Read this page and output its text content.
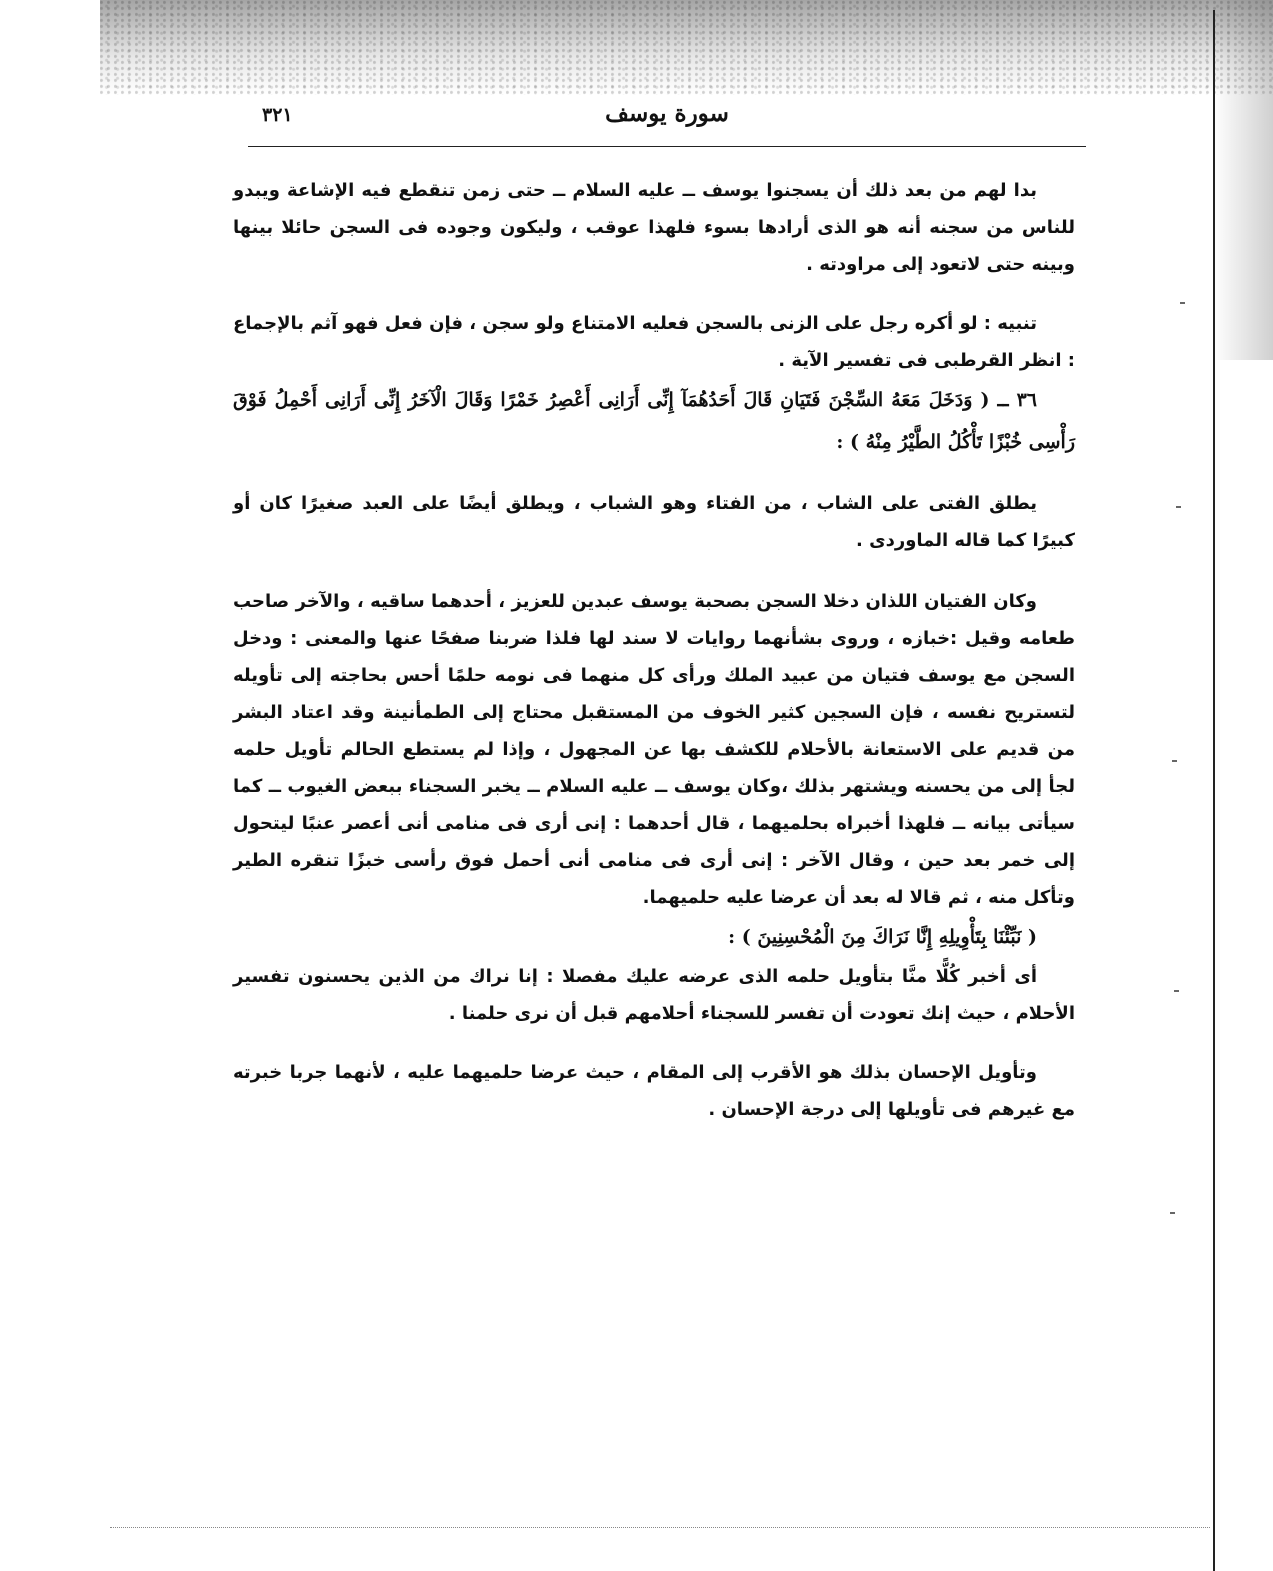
٣٢١	سورة يوسف

بدا لهم من بعد ذلك أن يسجنوا يوسف ــ عليه السلام ــ حتى زمن تنقطع فيه الإشاعة ويبدو للناس من سجنه أنه هو الذى أرادها بسوء فلهذا عوقب ، وليكون وجوده فى السجن حائلا بينها وبينه حتى لاتعود إلى مراودته .

تنبيه : لو أكره رجل على الزنى بالسجن فعليه الامتناع ولو سجن ، فإن فعل فهو آثم بالإجماع : انظر القرطبى فى تفسير الآية .

٣٦ ــ ( وَدَخَلَ مَعَهُ السِّجْنَ فَتَيَانِ قَالَ أَحَدُهُمَآ إِنِّى أَرَانِى أَعْصِرُ خَمْرًا وَقَالَ الْآخَرُ إِنِّى أَرَانِى أَحْمِلُ فَوْقَ رَأْسِى خُبْزًا تَأْكُلُ الطَّيْرُ مِنْهُ ) :

يطلق الفتى على الشاب ، من الفتاء وهو الشباب ، ويطلق أيضًا على العبد صغيرًا كان أو كبيرًا كما قاله الماوردى .

وكان الفتيان اللذان دخلا السجن بصحبة يوسف عبدين للعزيز ، أحدهما ساقيه ، والآخر صاحب طعامه وقيل :خبازه ، وروى بشأنهما روايات لا سند لها فلذا ضربنا صفحًا عنها والمعنى : ودخل السجن مع يوسف فتيان من عبيد الملك ورأى كل منهما فى نومه حلمًا أحس بحاجته إلى تأويله لتستريح نفسه ، فإن السجين كثير الخوف من المستقبل محتاج إلى الطمأنينة وقد اعتاد البشر من قديم على الاستعانة بالأحلام للكشف بها عن المجهول ، وإذا لم يستطع الحالم تأويل حلمه لجأ إلى من يحسنه ويشتهر بذلك ،وكان يوسف ــ عليه السلام ــ يخبر السجناء ببعض الغيوب ــ كما سيأتى بيانه ــ فلهذا أخبراه بحلميهما ، قال أحدهما : إنى أرى فى منامى أنى أعصر عنبًا ليتحول إلى خمر بعد حين ، وقال الآخر : إنى أرى فى منامى أنى أحمل فوق رأسى خبزًا تنقره الطير وتأكل منه ، ثم قالا له بعد أن عرضا عليه حلميهما.

( نَبِّئْنَا بِتَأْوِيلِهِ إِنَّا نَرَاكَ مِنَ الْمُحْسِنِينَ ) :

أى أخبر كُلًّا منَّا بتأويل حلمه الذى عرضه عليك مفصلا : إنا نراك من الذين يحسنون تفسير الأحلام ، حيث إنك تعودت أن تفسر للسجناء أحلامهم قبل أن نرى حلمنا .

وتأويل الإحسان بذلك هو الأقرب إلى المقام ، حيث عرضا حلميهما عليه ، لأنهما جربا خبرته مع غيرهم فى تأويلها إلى درجة الإحسان .
